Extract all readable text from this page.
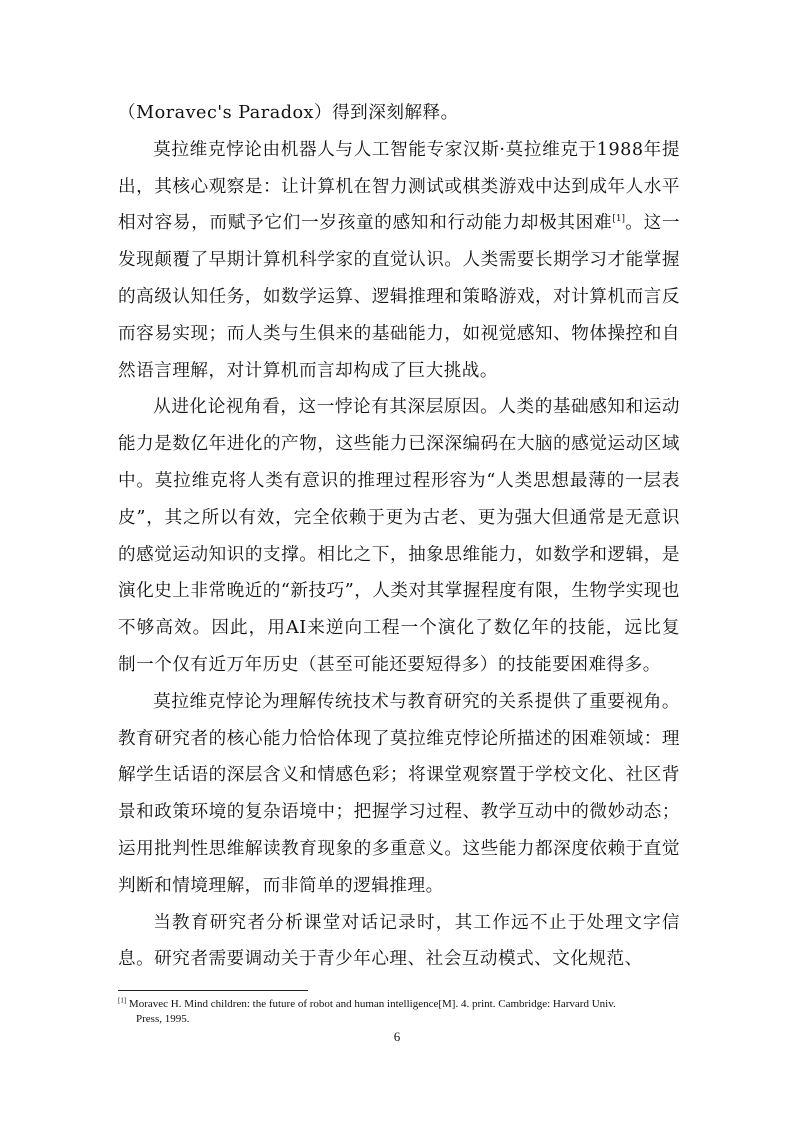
（Moravec's Paradox）得到深刻解释。

莫拉维克悖论由机器人与人工智能专家汉斯·莫拉维克于1988年提出，其核心观察是：让计算机在智力测试或棋类游戏中达到成年人水平相对容易，而赋予它们一岁孩童的感知和行动能力却极其困难[1]。这一发现颠覆了早期计算机科学家的直觉认识。人类需要长期学习才能掌握的高级认知任务，如数学运算、逻辑推理和策略游戏，对计算机而言反而容易实现；而人类与生俱来的基础能力，如视觉感知、物体操控和自然语言理解，对计算机而言却构成了巨大挑战。

从进化论视角看，这一悖论有其深层原因。人类的基础感知和运动能力是数亿年进化的产物，这些能力已深深编码在大脑的感觉运动区域中。莫拉维克将人类有意识的推理过程形容为“人类思想最薄的一层表皮”，其之所以有效，完全依赖于更为古老、更为强大但通常是无意识的感觉运动知识的支撑。相比之下，抽象思维能力，如数学和逻辑，是演化史上非常晚近的“新技巧”，人类对其掌握程度有限，生物学实现也不够高效。因此，用AI来逆向工程一个演化了数亿年的技能，远比复制一个仅有近万年历史（甚至可能还要短得多）的技能要困难得多。

莫拉维克悖论为理解传统技术与教育研究的关系提供了重要视角。教育研究者的核心能力恰恰体现了莫拉维克悖论所描述的困难领域：理解学生话语的深层含义和情感色彩；将课堂观察置于学校文化、社区背景和政策环境的复杂语境中；把握学习过程、教学互动中的微妙动态；运用批判性思维解读教育现象的多重意义。这些能力都深度依赖于直觉判断和情境理解，而非简单的逻辑推理。

当教育研究者分析课堂对话记录时，其工作远不止于处理文字信息。研究者需要调动关于青少年心理、社会互动模式、文化规范、

[1] Moravec H. Mind children: the future of robot and human intelligence[M]. 4. print. Cambridge: Harvard Univ.
Press, 1995.
6
